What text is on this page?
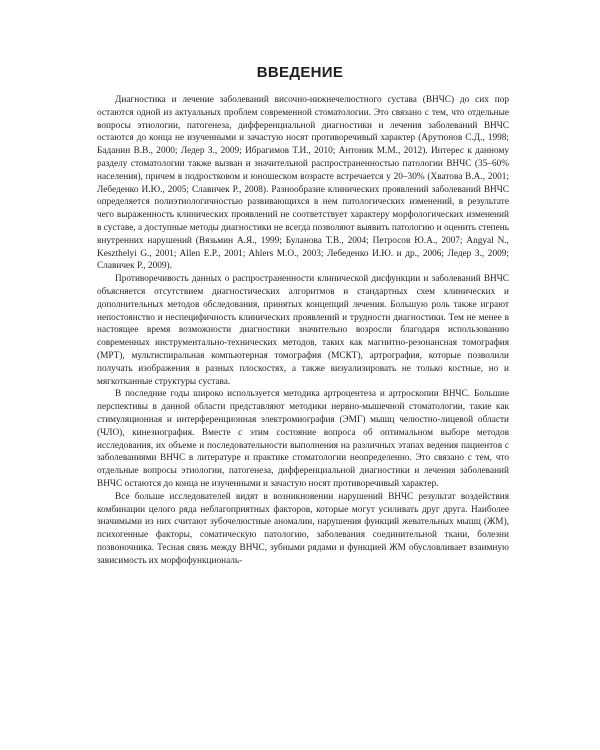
ВВЕДЕНИЕ

Диагностика и лечение заболеваний височно-нижнечелюстного сустава (ВНЧС) до сих пор остаются одной из актуальных проблем современной стоматологии. Это связано с тем, что отдельные вопросы этиологии, патогенеза, дифференциальной диагностики и лечения заболеваний ВНЧС остаются до конца не изученными и зачастую носят противоречивый характер (Арутюнов С.Д., 1998; Баданин В.В., 2000; Ледер З., 2009; Ибрагимов Т.И., 2010; Антоник М.М., 2012). Интерес к данному разделу стоматологии также вызван и значительной распространенностью патологии ВНЧС (35–60% населения), причем в подростковом и юношеском возрасте встречается у 20–30% (Хватова В.А., 2001; Лебеденко И.Ю., 2005; Славичек Р., 2008). Разнообразие клинических проявлений заболеваний ВНЧС определяется полиэтиологичностью развивающихся в нем патологических изменений, в результате чего выраженность клинических проявлений не соответствует характеру морфологических изменений в суставе, а доступные методы диагностики не всегда позволяют выявить патологию и оценить степень внутренних нарушений (Вязьмин А.Я., 1999; Буланова Т.В., 2004; Петросов Ю.А., 2007; Angyal N., Keszthelyi G., 2001; Allen E.P., 2001; Ahlers M.O., 2003; Лебеденко И.Ю. и др., 2006; Ледер З., 2009; Славичек Р., 2009).

Противоречивость данных о распространенности клинической дисфункции и заболеваний ВНЧС объясняется отсутствием диагностических алгоритмов и стандартных схем клинических и дополнительных методов обследования, принятых концепций лечения. Большую роль также играют непостоянство и неспецифичность клинических проявлений и трудности диагностики. Тем не менее в настоящее время возможности диагностики значительно возросли благодаря использованию современных инструментально-технических методов, таких как магнитно-резонансная томография (МРТ), мультиспиральная компьютерная томография (МСКТ), артрография, которые позволили получать изображения в разных плоскостях, а также визуализировать не только костные, но и мягкотканные структуры сустава.

В последние годы широко используется методика артроцентеза и артроскопии ВНЧС. Большие перспективы в данной области представляют методики нервно-мышечной стоматологии, такие как стимуляционная и интерференционная электромиография (ЭМГ) мышц челюстно-лицевой области (ЧЛО), кинезиография. Вместе с этим состояние вопроса об оптимальном выборе методов исследования, их объеме и последовательности выполнения на различных этапах ведения пациентов с заболеваниями ВНЧС в литературе и практике стоматологии неопределенно. Это связано с тем, что отдельные вопросы этиологии, патогенеза, дифференциальной диагностики и лечения заболеваний ВНЧС остаются до конца не изученными и зачастую носят противоречивый характер.

Все больше исследователей видят в возникновении нарушений ВНЧС результат воздействия комбинации целого ряда неблагоприятных факторов, которые могут усиливать друг друга. Наиболее значимыми из них считают зубочелюстные аномалии, нарушения функций жевательных мышц (ЖМ), психогенные факторы, соматическую патологию, заболевания соединительной ткани, болезни позвоночника. Тесная связь между ВНЧС, зубными рядами и функцией ЖМ обусловливает взаимную зависимость их морфофункциональ-
